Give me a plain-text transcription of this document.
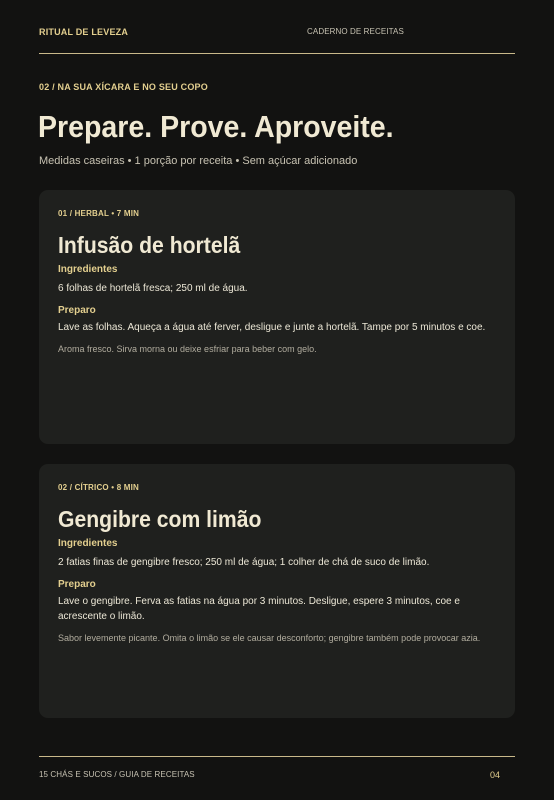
RITUAL DE LEVEZA	CADERNO DE RECEITAS
02 / NA SUA XÍCARA E NO SEU COPO
Prepare. Prove. Aproveite.
Medidas caseiras • 1 porção por receita • Sem açúcar adicionado
01 / HERBAL • 7 MIN
Infusão de hortelã
Ingredientes
6 folhas de hortelã fresca; 250 ml de água.
Preparo
Lave as folhas. Aqueça a água até ferver, desligue e junte a hortelã. Tampe por 5 minutos e coe.
Aroma fresco. Sirva morna ou deixe esfriar para beber com gelo.
02 / CÍTRICO • 8 MIN
Gengibre com limão
Ingredientes
2 fatias finas de gengibre fresco; 250 ml de água; 1 colher de chá de suco de limão.
Preparo
Lave o gengibre. Ferva as fatias na água por 3 minutos. Desligue, espere 3 minutos, coe e acrescente o limão.
Sabor levemente picante. Omita o limão se ele causar desconforto; gengibre também pode provocar azia.
15 CHÁS E SUCOS / GUIA DE RECEITAS	04
